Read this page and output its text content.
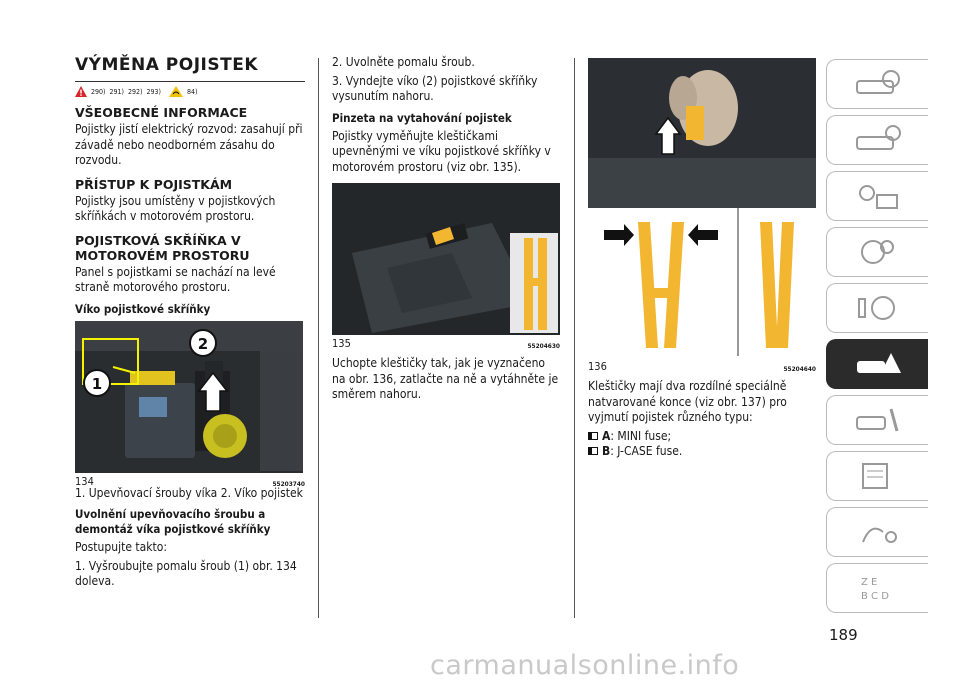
VÝMĚNA POJISTEK
290) 291) 292) 293)	84)
VŠEOBECNÉ INFORMACE

Pojistky jistí elektrický rozvod: zasahují při závadě nebo neodborném zásahu do rozvodu.

PŘÍSTUP K POJISTKÁM

Pojistky jsou umístěny v pojistkových skříňkách v motorovém prostoru.

POJISTKOVÁ SKŘÍŇKA V MOTOROVÉM PROSTORU

Panel s pojistkami se nachází na levé straně motorového prostoru.

Víko pojistkové skříňky
1
2
134	55203740

1. Upevňovací šrouby víka 2. Víko pojistek

Uvolnění upevňovacího šroubu a demontáž víka pojistkové skříňky

Postupujte takto:

1. Vyšroubujte pomalu šroub (1) obr. 134 doleva.

2. Uvolněte pomalu šroub.

3. Vyndejte víko (2) pojistkové skříňky vysunutím nahoru.

Pinzeta na vytahování pojistek

Pojistky vyměňujte kleštičkami upevněnými ve víku pojistkové skříňky v motorovém prostoru (viz obr. 135).

135	55204630

Uchopte kleštičky tak, jak je vyznačeno na obr. 136, zatlačte na ně a vytáhněte je směrem nahoru.

136	55204640

Kleštičky mají dva rozdílné speciálně natvarované konce (viz obr. 137) pro vyjmutí pojistek různého typu:

A : MINI fuse;
B : J-CASE fuse.
Z E
B C D
189
carmanualsonline.info
